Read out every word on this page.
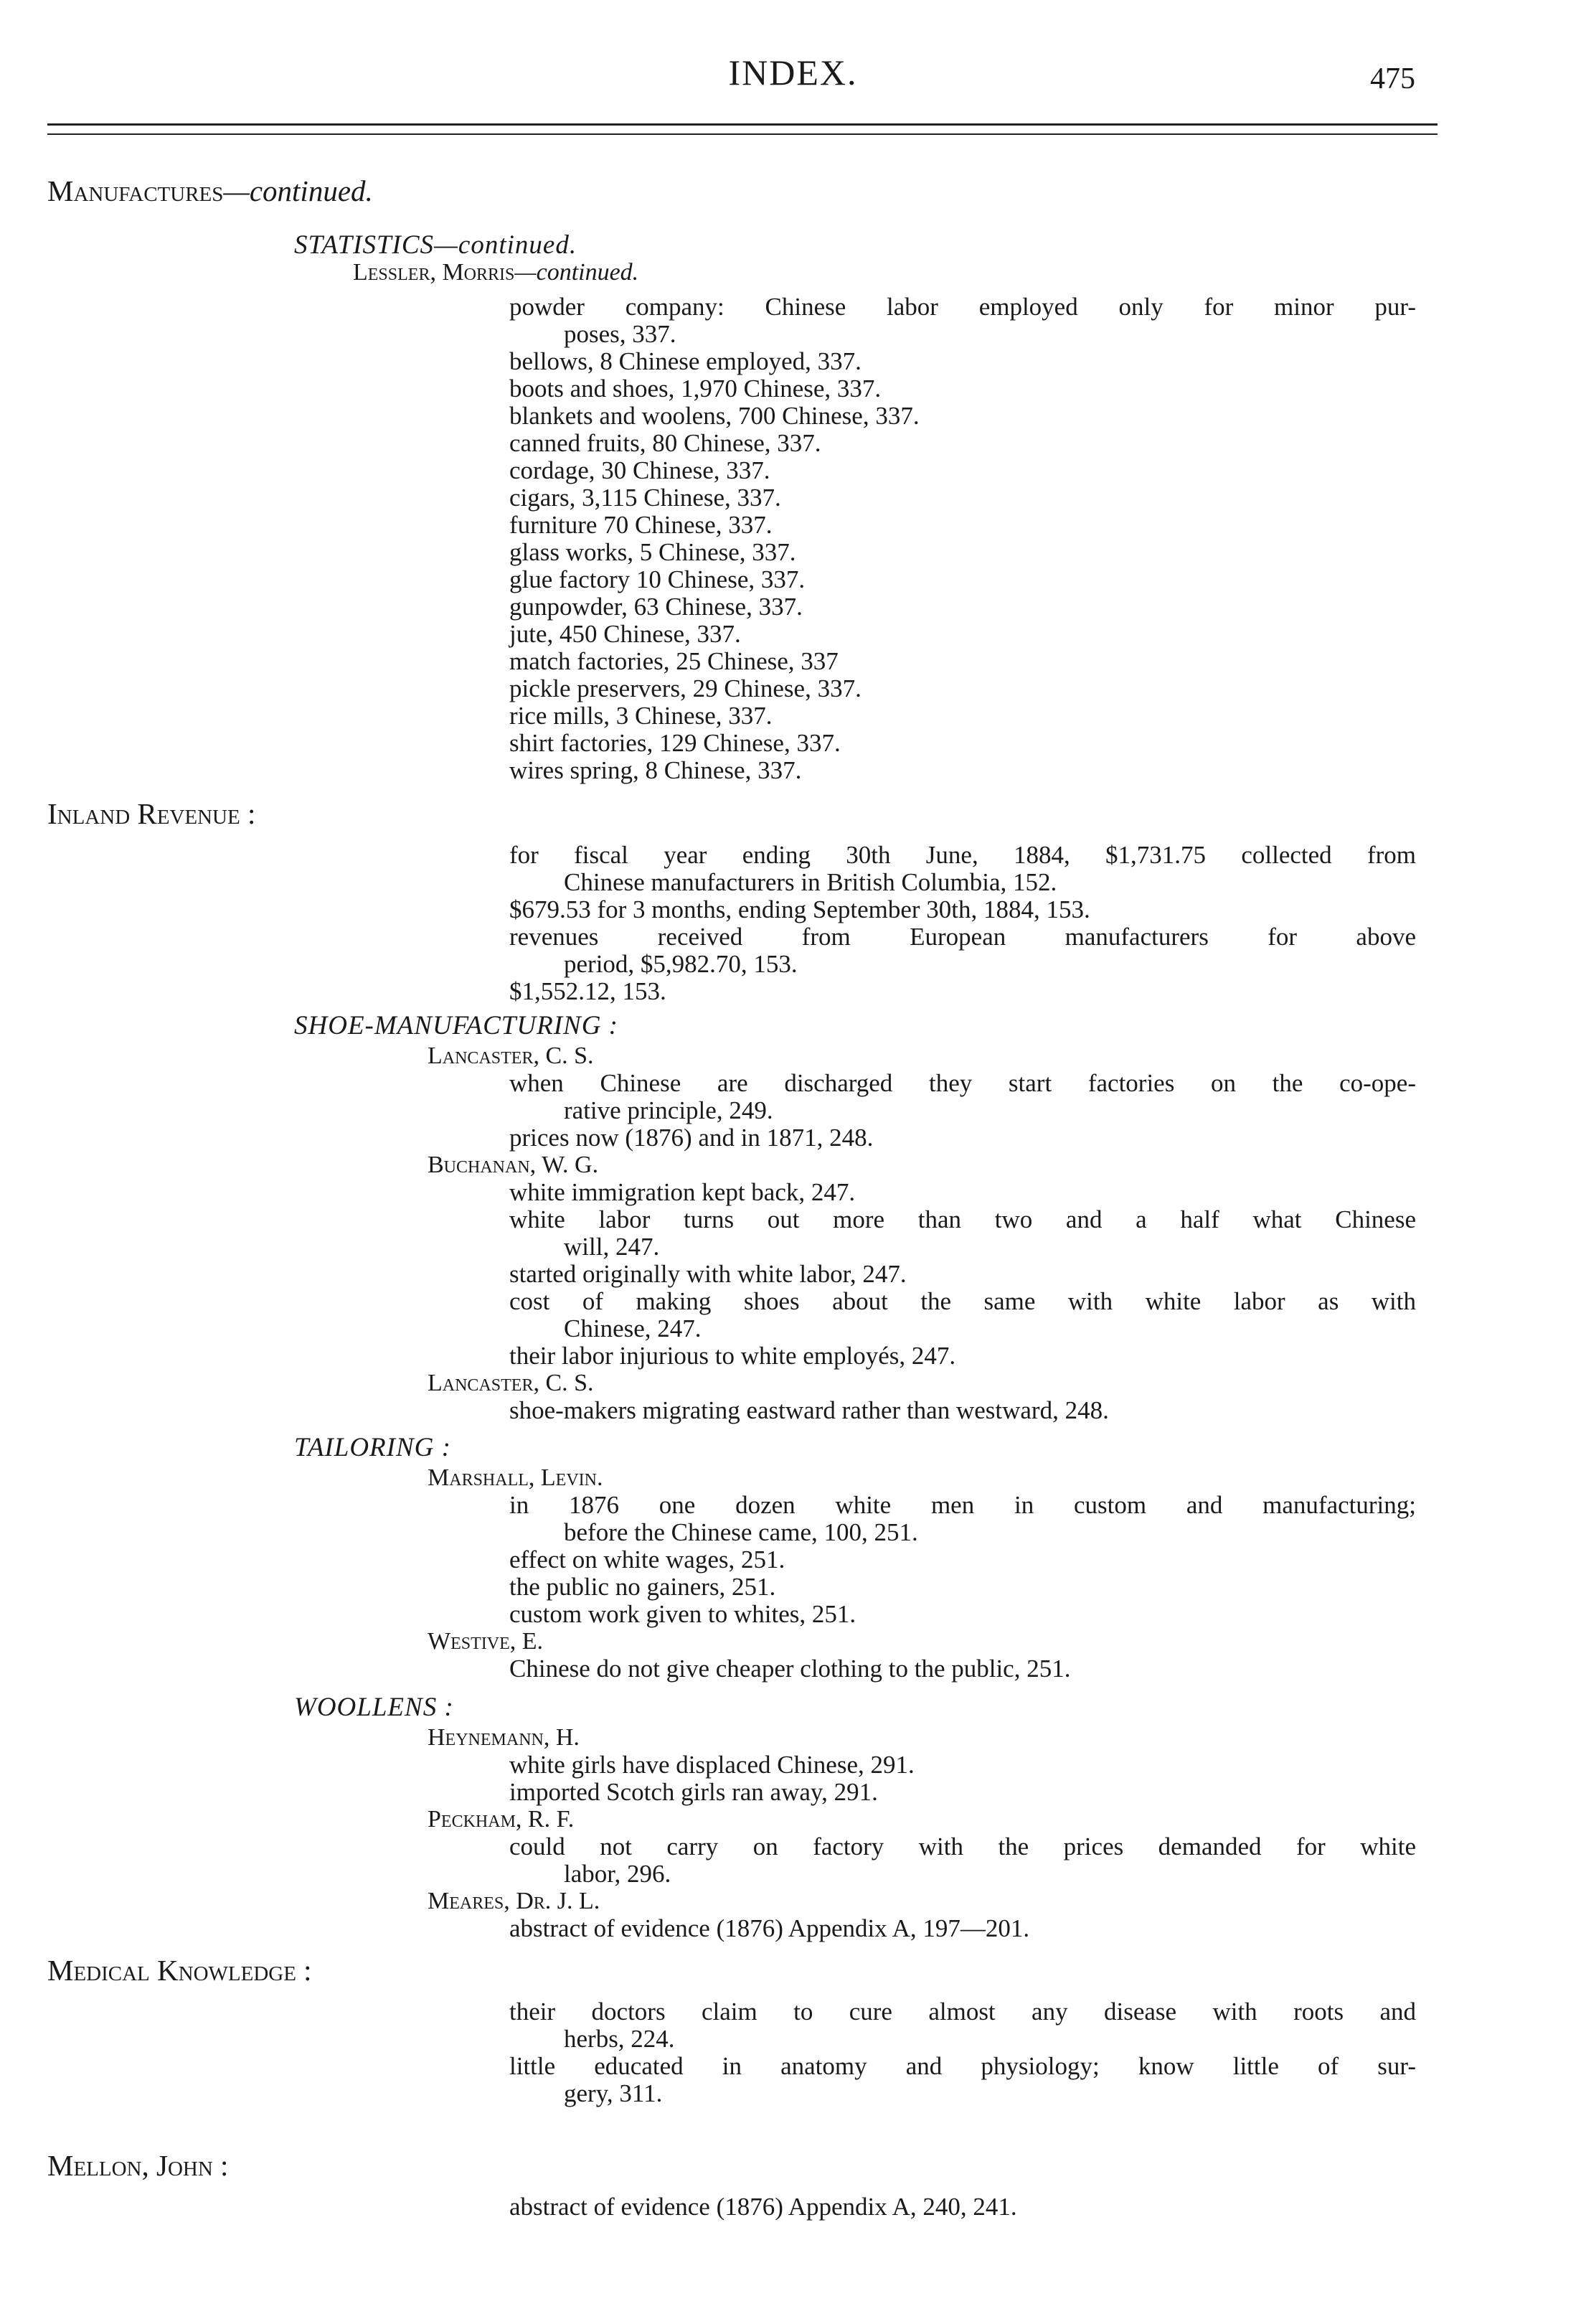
INDEX.	475
Manufactures—continued.
STATISTICS—continued.
Lessler, Morris—continued.
powder company: Chinese labor employed only for minor pur-
poses, 337.
bellows, 8 Chinese employed, 337.
boots and shoes, 1,970 Chinese, 337.
blankets and woolens, 700 Chinese, 337.
canned fruits, 80 Chinese, 337.
cordage, 30 Chinese, 337.
cigars, 3,115 Chinese, 337.
furniture 70 Chinese, 337.
glass works, 5 Chinese, 337.
glue factory 10 Chinese, 337.
gunpowder, 63 Chinese, 337.
jute, 450 Chinese, 337.
match factories, 25 Chinese, 337
pickle preservers, 29 Chinese, 337.
rice mills, 3 Chinese, 337.
shirt factories, 129 Chinese, 337.
wires spring, 8 Chinese, 337.
Inland Revenue :
for fiscal year ending 30th June, 1884, $1,731.75 collected from
Chinese manufacturers in British Columbia, 152.
$679.53 for 3 months, ending September 30th, 1884, 153.
revenues received from European manufacturers for above
period, $5,982.70, 153.
$1,552.12, 153.
SHOE-MANUFACTURING :
Lancaster, C. S.
when Chinese are discharged they start factories on the co-ope-
rative principle, 249.
prices now (1876) and in 1871, 248.
Buchanan, W. G.
white immigration kept back, 247.
white labor turns out more than two and a half what Chinese
will, 247.
started originally with white labor, 247.
cost of making shoes about the same with white labor as with
Chinese, 247.
their labor injurious to white employés, 247.
Lancaster, C. S.
shoe-makers migrating eastward rather than westward, 248.
TAILORING :
Marshall, Levin.
in 1876 one dozen white men in custom and manufacturing;
before the Chinese came, 100, 251.
effect on white wages, 251.
the public no gainers, 251.
custom work given to whites, 251.
Westive, E.
Chinese do not give cheaper clothing to the public, 251.
WOOLLENS :
Heynemann, H.
white girls have displaced Chinese, 291.
imported Scotch girls ran away, 291.
Peckham, R. F.
could not carry on factory with the prices demanded for white
labor, 296.
Meares, Dr. J. L.
abstract of evidence (1876) Appendix A, 197—201.
Medical Knowledge :
their doctors claim to cure almost any disease with roots and
herbs, 224.
little educated in anatomy and physiology; know little of sur-
gery, 311.
Mellon, John :
abstract of evidence (1876) Appendix A, 240, 241.
